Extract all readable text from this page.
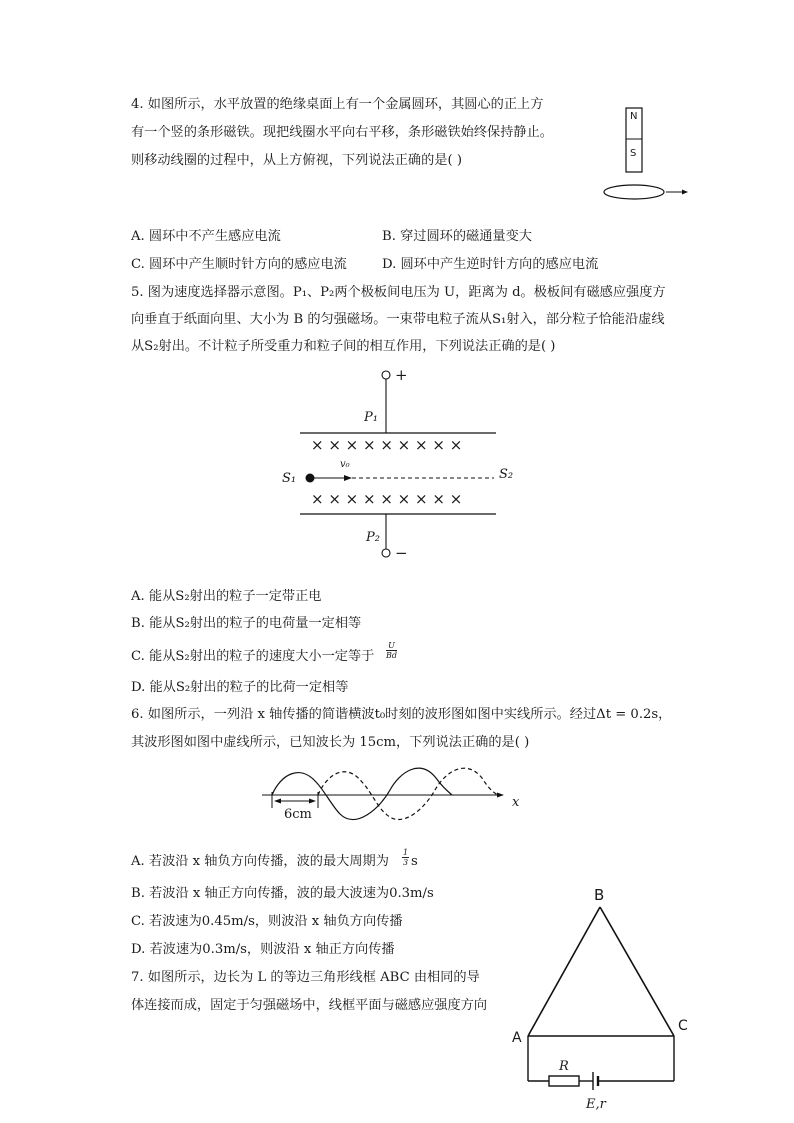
4. 如图所示，水平放置的绝缘桌面上有一个金属圆环，其圆心的正上方
有一个竖的条形磁铁。现把线圈水平向右平移，条形磁铁始终保持静止。
则移动线圈的过程中，从上方俯视，下列说法正确的是( )
N
S
A. 圆环中不产生感应电流	B. 穿过圆环的磁通量变大
C. 圆环中产生顺时针方向的感应电流	D. 圆环中产生逆时针方向的感应电流
5. 图为速度选择器示意图。P₁、P₂两个极板间电压为 U，距离为 d。极板间有磁感应强度方
向垂直于纸面向里、大小为 B 的匀强磁场。一束带电粒子流从S₁射入，部分粒子恰能沿虚线
从S₂射出。不计粒子所受重力和粒子间的相互作用，下列说法正确的是( )
+
−
P₁
P₂
S₁	S₂
v₀
× × × × × × × × ×
× × × × × × × × ×
A. 能从S₂射出的粒子一定带正电
B. 能从S₂射出的粒子的电荷量一定相等
C. 能从S₂射出的粒子的速度大小一定等于 $\frac{U}{Bd}$
D. 能从S₂射出的粒子的比荷一定相等
6. 如图所示，一列沿 x 轴传播的简谐横波t₀时刻的波形图如图中实线所示。经过Δt = 0.2s，
其波形图如图中虚线所示，已知波长为 15cm，下列说法正确的是( )
x
6cm
A. 若波沿 x 轴负方向传播，波的最大周期为 $\frac{1}{3}$ s
B. 若波沿 x 轴正方向传播，波的最大波速为0.3m/s
C. 若波速为0.45m/s，则波沿 x 轴负方向传播
D. 若波速为0.3m/s，则波沿 x 轴正方向传播
7. 如图所示，边长为 L 的等边三角形线框 ABC 由相同的导
体连接而成，固定于匀强磁场中，线框平面与磁感应强度方向
B
A
C
R
E,r
